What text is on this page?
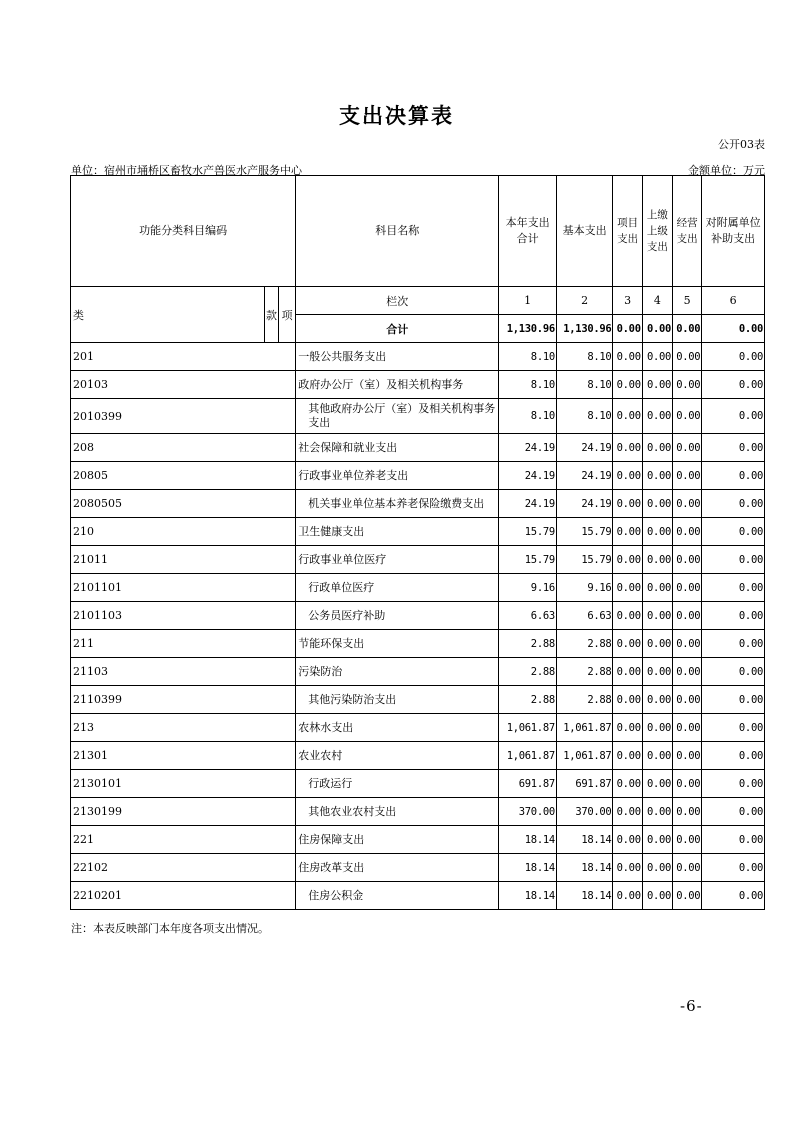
支出决算表
公开03表
单位：宿州市埇桥区畜牧水产兽医水产服务中心	金额单位：万元
功能分类科目编码			科目名称	本年支出合计	基本支出	项目支出	上缴上级支出	经营支出	对附属单位补助支出
类	款	项	栏次	1	2	3	4	5	6
			合计	1,130.96	1,130.96	0.00	0.00	0.00	0.00
201			一般公共服务支出	8.10	8.10	0.00	0.00	0.00	0.00
20103			政府办公厅（室）及相关机构事务	8.10	8.10	0.00	0.00	0.00	0.00
2010399			其他政府办公厅（室）及相关机构事务支出	8.10	8.10	0.00	0.00	0.00	0.00
208			社会保障和就业支出	24.19	24.19	0.00	0.00	0.00	0.00
20805			行政事业单位养老支出	24.19	24.19	0.00	0.00	0.00	0.00
2080505			机关事业单位基本养老保险缴费支出	24.19	24.19	0.00	0.00	0.00	0.00
210			卫生健康支出	15.79	15.79	0.00	0.00	0.00	0.00
21011			行政事业单位医疗	15.79	15.79	0.00	0.00	0.00	0.00
2101101			行政单位医疗	9.16	9.16	0.00	0.00	0.00	0.00
2101103			公务员医疗补助	6.63	6.63	0.00	0.00	0.00	0.00
211			节能环保支出	2.88	2.88	0.00	0.00	0.00	0.00
21103			污染防治	2.88	2.88	0.00	0.00	0.00	0.00
2110399			其他污染防治支出	2.88	2.88	0.00	0.00	0.00	0.00
213			农林水支出	1,061.87	1,061.87	0.00	0.00	0.00	0.00
21301			农业农村	1,061.87	1,061.87	0.00	0.00	0.00	0.00
2130101			行政运行	691.87	691.87	0.00	0.00	0.00	0.00
2130199			其他农业农村支出	370.00	370.00	0.00	0.00	0.00	0.00
221			住房保障支出	18.14	18.14	0.00	0.00	0.00	0.00
22102			住房改革支出	18.14	18.14	0.00	0.00	0.00	0.00
2210201			住房公积金	18.14	18.14	0.00	0.00	0.00	0.00
注：本表反映部门本年度各项支出情况。
-6-
